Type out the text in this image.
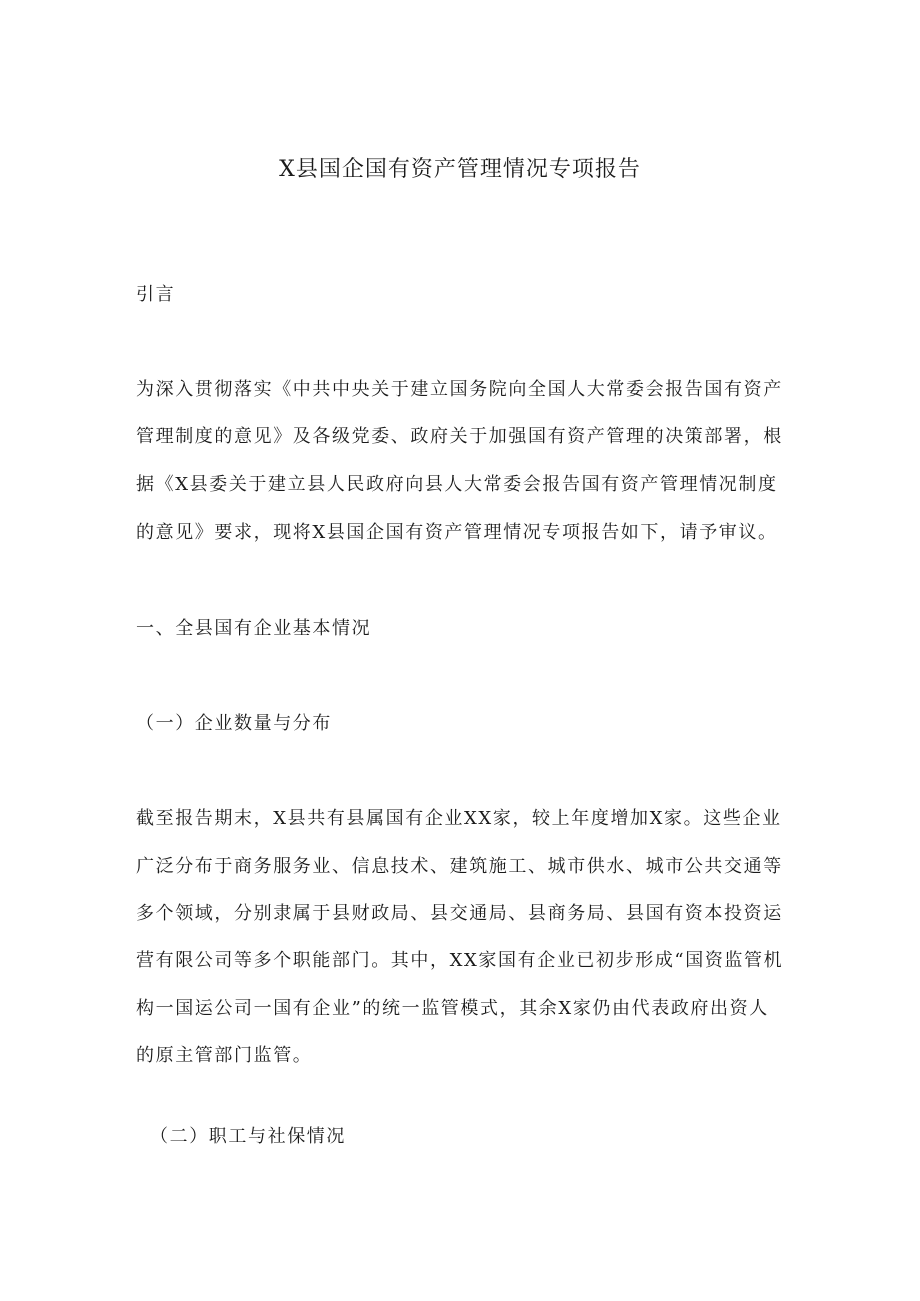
X县国企国有资产管理情况专项报告

引言

为深入贯彻落实《中共中央关于建立国务院向全国人大常委会报告国有资产

管理制度的意见》及各级党委、政府关于加强国有资产管理的决策部署，根

据《X县委关于建立县人民政府向县人大常委会报告国有资产管理情况制度

的意见》要求，现将X县国企国有资产管理情况专项报告如下，请予审议。

一、全县国有企业基本情况

（一）企业数量与分布

截至报告期末，X县共有县属国有企业XX家，较上年度增加X家。这些企业

广泛分布于商务服务业、信息技术、建筑施工、城市供水、城市公共交通等

多个领域，分别隶属于县财政局、县交通局、县商务局、县国有资本投资运

营有限公司等多个职能部门。其中，XX家国有企业已初步形成“国资监管机

构一国运公司一国有企业”的统一监管模式，其余X家仍由代表政府出资人

的原主管部门监管。

（二）职工与社保情况
